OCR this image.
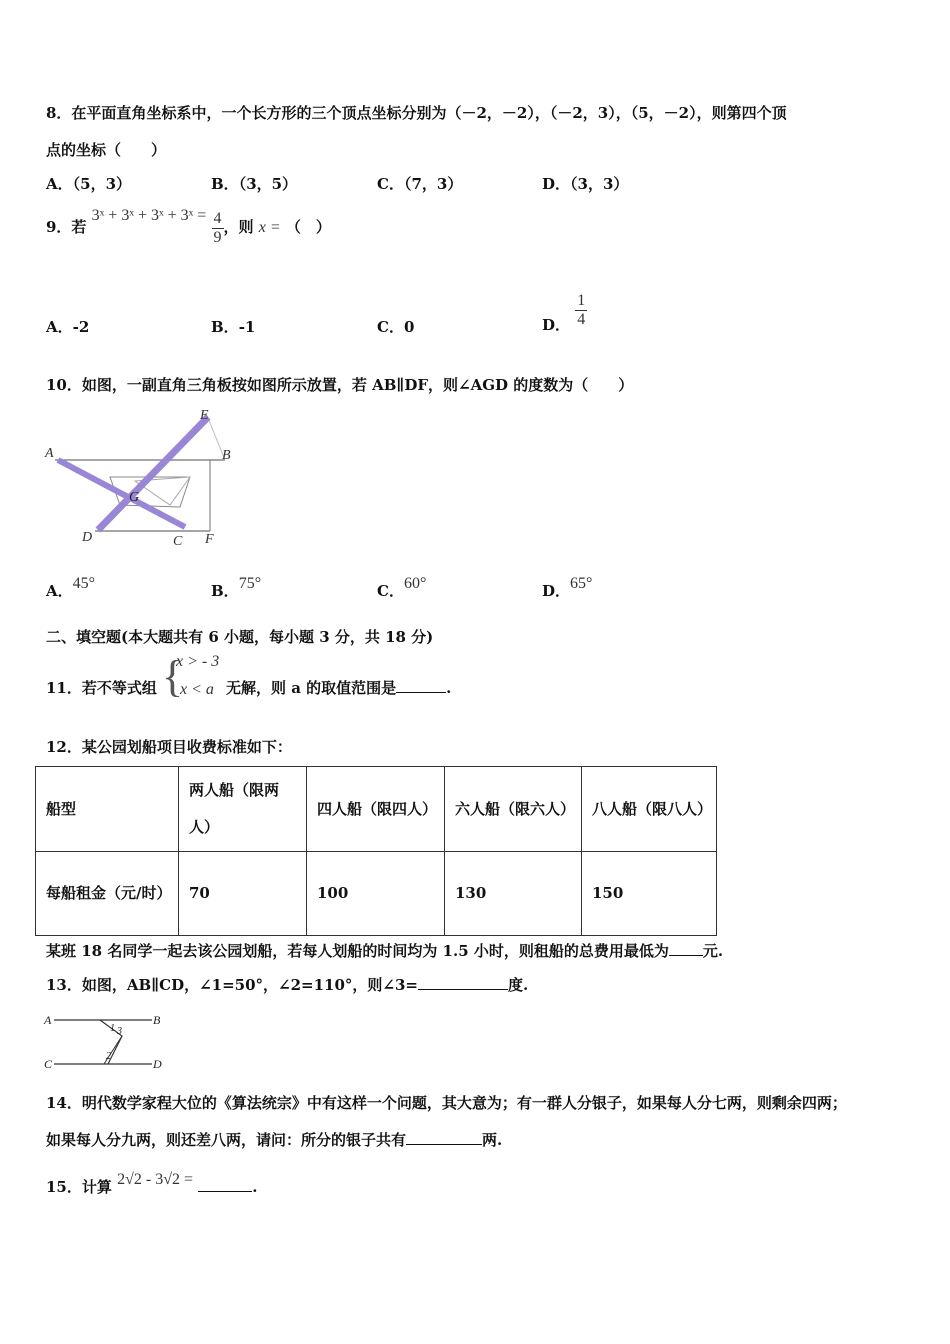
8．在平面直角坐标系中，一个长方形的三个顶点坐标分别为（－2，－2），（－2，3），（5，－2），则第四个顶
点的坐标（　　）
A．（5，3）	B．（3，5）	C．（7，3）	D．（3，3）
9．若 3ˣ + 3ˣ + 3ˣ + 3ˣ = $\frac{4}{9}$ ，则 x = （　）
A．-2	B．-1	C．0	D． $\frac{1}{4}$
10．如图，一副直角三角板按如图所示放置，若 AB∥DF，则∠AGD 的度数为（　　）
E
A	B
G
D	C F
A．45°	B．75°	C．60°	D．65°
二、填空题(本大题共有 6 小题，每小题 3 分，共 18 分)
11．若不等式组 {
x > - 3
x < a 无解，则 a 的取值范围是	.
12．某公园划船项目收费标准如下：
船型	两人船（限两人）	四人船（限四人）	六人船（限六人）	八人船（限八人）
每船租金（元/时）	70	100	130	150
某班 18 名同学一起去该公园划船，若每人划船的时间均为 1.5 小时，则租船的总费用最低为 元.
13．如图，AB∥CD，∠1=50°，∠2=110°，则∠3=	度.
A	B
C	D
1 3
2
14．明代数学家程大位的《算法统宗》中有这样一个问题，其大意为；有一群人分银子，如果每人分七两，则剩余四两；
如果每人分九两，则还差八两，请问：所分的银子共有	两.
15．计算 2√2 - 3√2 =	.
